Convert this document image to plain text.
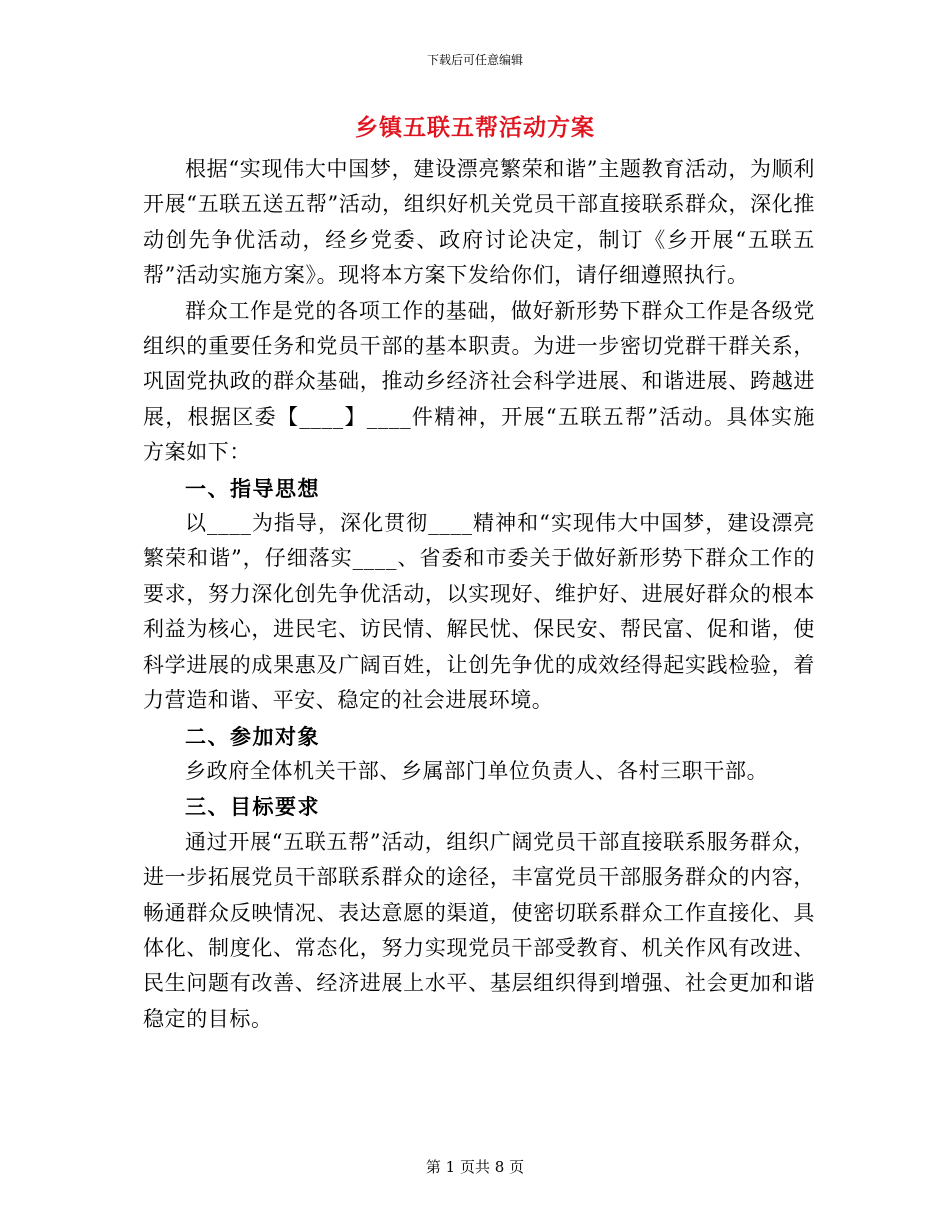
下载后可任意编辑
乡镇五联五帮活动方案

根据“实现伟大中国梦，建设漂亮繁荣和谐”主题教育活动，为顺利开展“五联五送五帮”活动，组织好机关党员干部直接联系群众，深化推动创先争优活动，经乡党委、政府讨论决定，制订《乡开展“五联五帮”活动实施方案》。现将本方案下发给你们，请仔细遵照执行。

群众工作是党的各项工作的基础，做好新形势下群众工作是各级党组织的重要任务和党员干部的基本职责。为进一步密切党群干群关系，巩固党执政的群众基础，推动乡经济社会科学进展、和谐进展、跨越进展，根据区委【____】____件精神，开展“五联五帮”活动。具体实施方案如下：

一、指导思想

以____为指导，深化贯彻____精神和“实现伟大中国梦，建设漂亮繁荣和谐”，仔细落实____、省委和市委关于做好新形势下群众工作的要求，努力深化创先争优活动，以实现好、维护好、进展好群众的根本利益为核心，进民宅、访民情、解民忧、保民安、帮民富、促和谐，使科学进展的成果惠及广阔百姓，让创先争优的成效经得起实践检验，着力营造和谐、平安、稳定的社会进展环境。

二、参加对象

乡政府全体机关干部、乡属部门单位负责人、各村三职干部。

三、目标要求

通过开展“五联五帮”活动，组织广阔党员干部直接联系服务群众，进一步拓展党员干部联系群众的途径，丰富党员干部服务群众的内容，畅通群众反映情况、表达意愿的渠道，使密切联系群众工作直接化、具体化、制度化、常态化，努力实现党员干部受教育、机关作风有改进、民生问题有改善、经济进展上水平、基层组织得到增强、社会更加和谐稳定的目标。

第 1 页共 8 页
